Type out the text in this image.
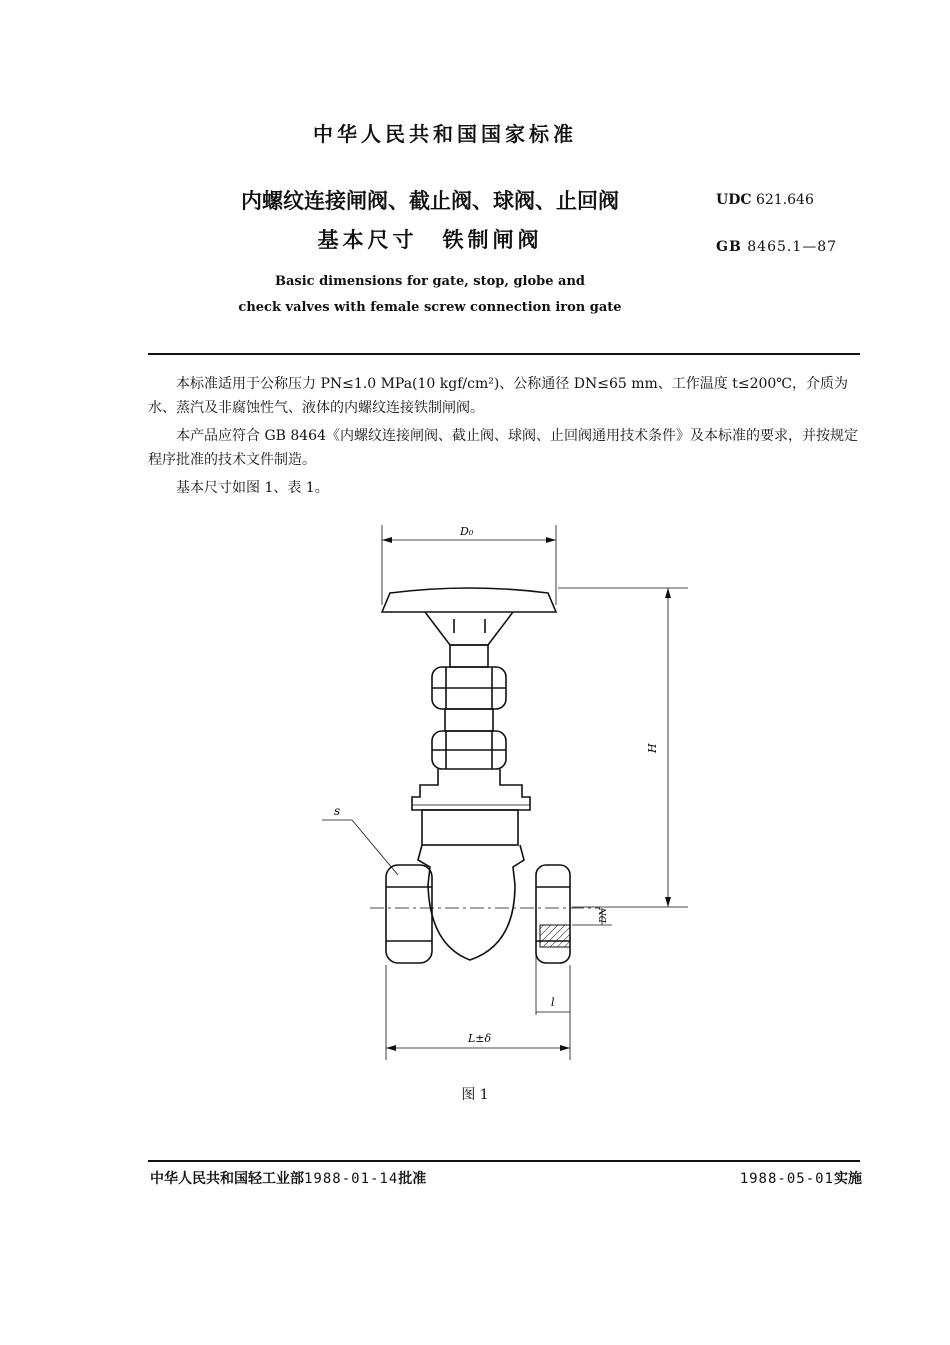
中华人民共和国国家标准
内螺纹连接闸阀、截止阀、球阀、止回阀
基本尺寸　铁制闸阀
UDC 621.646
GB 8465.1—87
Basic dimensions for gate, stop, globe and
check valves with female screw connection iron gate
本标准适用于公称压力 PN≤1.0 MPa(10 kgf/cm²)、公称通径 DN≤65 mm、工作温度 t≤200℃，介质为水、蒸汽及非腐蚀性气、液体的内螺纹连接铁制闸阀。
本产品应符合 GB 8464《内螺纹连接闸阀、截止阀、球阀、止回阀通用技术条件》及本标准的要求，并按规定程序批准的技术文件制造。
基本尺寸如图 1、表 1。
D₀
H
s
DN
l
L±δ
图 1
中华人民共和国轻工业部1988-01-14批准	1988-05-01实施
